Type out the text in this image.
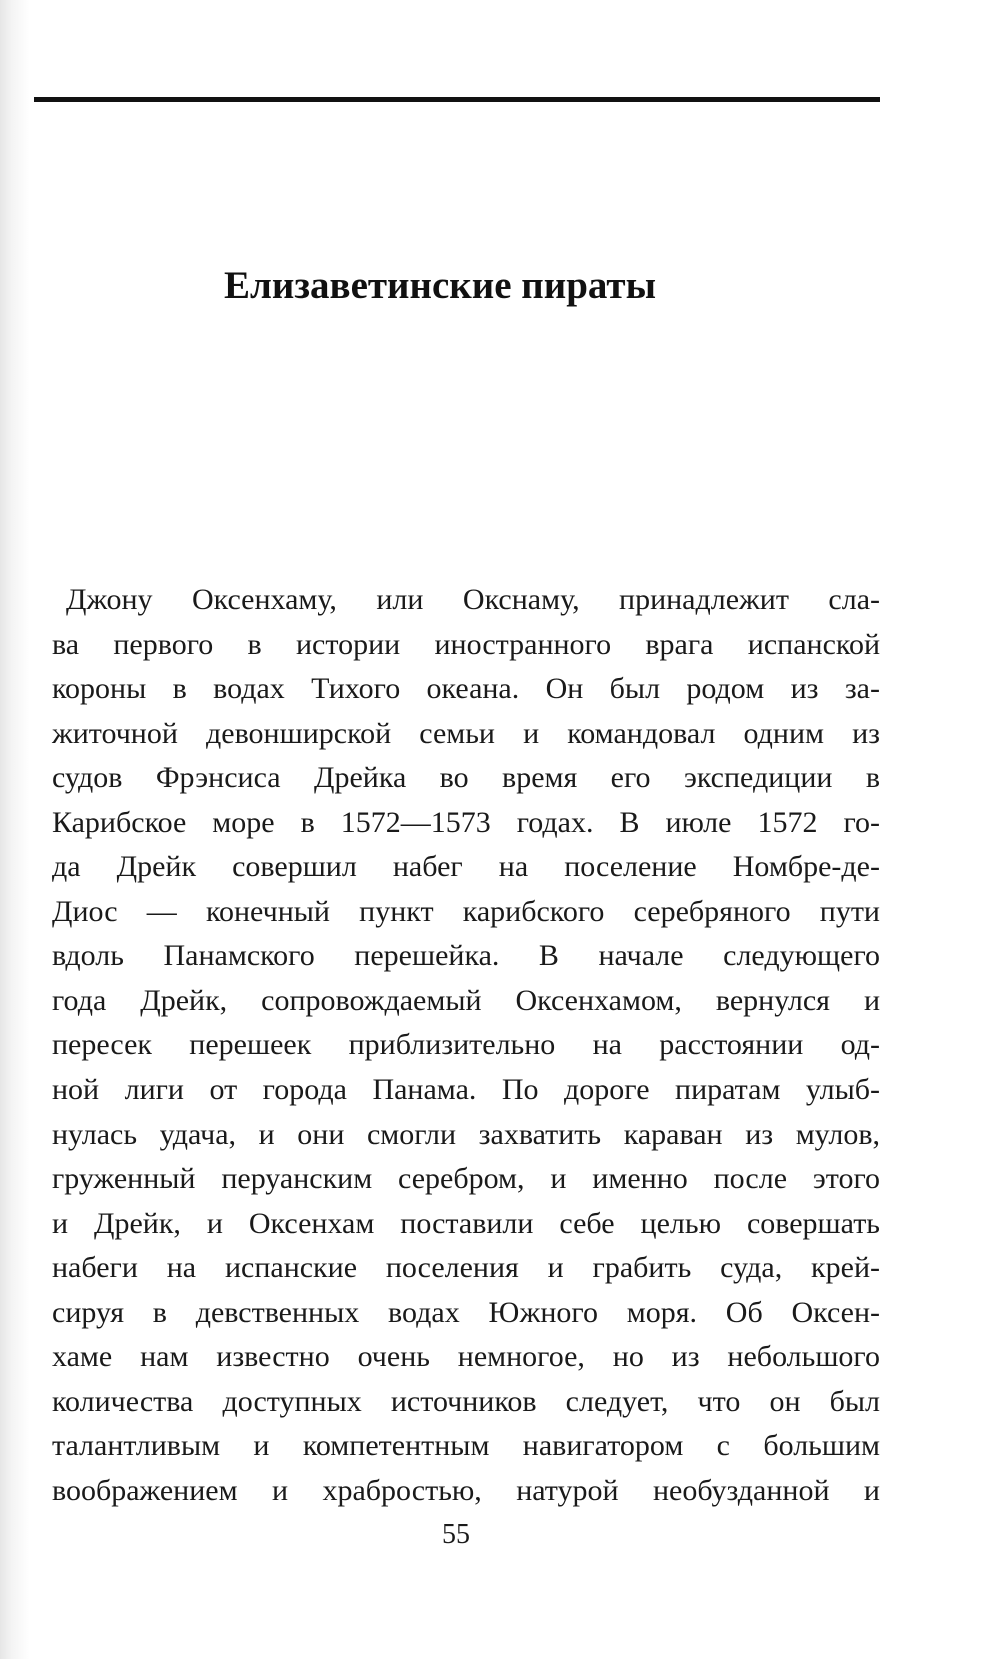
Елизаветинские пираты
Джону Оксенхаму, или Окснаму, принадлежит сла-
ва первого в истории иностранного врага испанской
короны в водах Тихого океана. Он был родом из за-
житочной девонширской семьи и командовал одним из
судов Фрэнсиса Дрейка во время его экспедиции в
Карибское море в 1572—1573 годах. В июле 1572 го-
да Дрейк совершил набег на поселение Номбре-де-
Диос — конечный пункт карибского серебряного пути
вдоль Панамского перешейка. В начале следующего
года Дрейк, сопровождаемый Оксенхамом, вернулся и
пересек перешеек приблизительно на расстоянии од-
ной лиги от города Панама. По дороге пиратам улыб-
нулась удача, и они смогли захватить караван из мулов,
груженный перуанским серебром, и именно после этого
и Дрейк, и Оксенхам поставили себе целью совершать
набеги на испанские поселения и грабить суда, крей-
сируя в девственных водах Южного моря. Об Оксен-
хаме нам известно очень немногое, но из небольшого
количества доступных источников следует, что он был
талантливым и компетентным навигатором с большим
воображением и храбростью, натурой необузданной и
55
